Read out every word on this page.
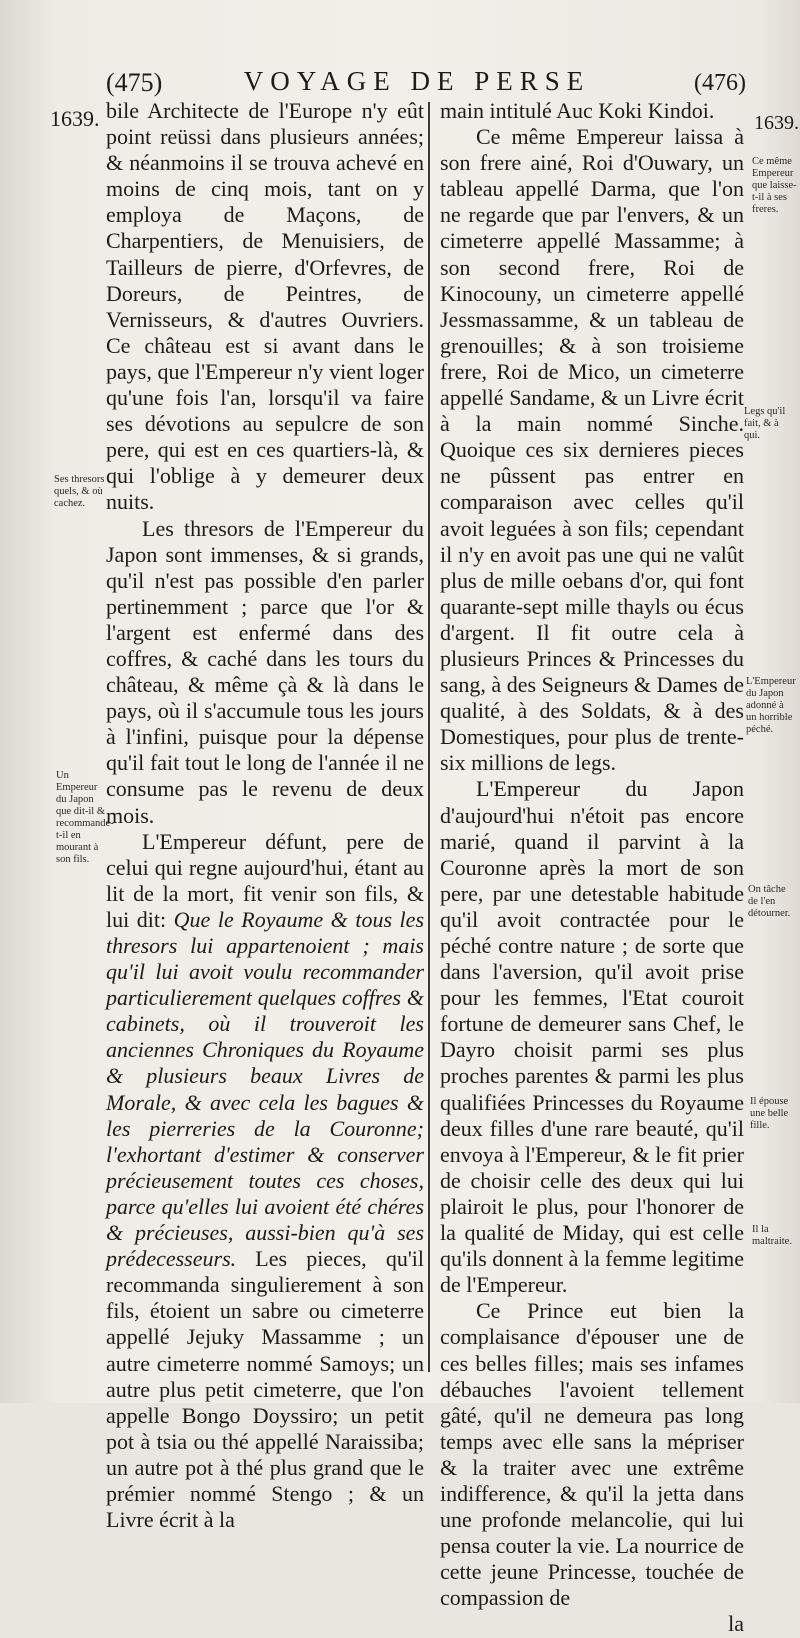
(475)	VOYAGE DE PERSE	(476)
1639.	1639.

bile Architecte de l'Europe n'y eût point reüssi dans plusieurs années; & néanmoins il se trouva achevé en moins de cinq mois, tant on y employa de Maçons, de Charpentiers, de Menuisiers, de Tailleurs de pierre, d'Orfevres, de Doreurs, de Peintres, de Vernisseurs, & d'autres Ouvriers. Ce château est si avant dans le pays, que l'Empereur n'y vient loger qu'une fois l'an, lorsqu'il va faire ses dévotions au sepulcre de son pere, qui est en ces quartiers-là, & qui l'oblige à y demeurer deux nuits.

Les thresors de l'Empereur du Japon sont immenses, & si grands, qu'il n'est pas possible d'en parler pertinemment ; parce que l'or & l'argent est enfermé dans des coffres, & caché dans les tours du château, & même çà & là dans le pays, où il s'accumule tous les jours à l'infini, puisque pour la dépense qu'il fait tout le long de l'année il ne consume pas le revenu de deux mois.

L'Empereur défunt, pere de celui qui regne aujourd'hui, étant au lit de la mort, fit venir son fils, & lui dit: Que le Royaume & tous les thresors lui appartenoient ; mais qu'il lui avoit voulu recommander particulierement quelques coffres & cabinets, où il trouveroit les anciennes Chroniques du Royaume & plusieurs beaux Livres de Morale, & avec cela les bagues & les pierreries de la Couronne; l'exhortant d'estimer & conserver précieusement toutes ces choses, parce qu'elles lui avoient été chéres & précieuses, aussi-bien qu'à ses prédecesseurs. Les pieces, qu'il recommanda singulierement à son fils, étoient un sabre ou cimeterre appellé Jejuky Massamme ; un autre cimeterre nommé Samoys; un autre plus petit cimeterre, que l'on appelle Bongo Doyssiro; un petit pot à tsia ou thé appellé Naraissiba; un autre pot à thé plus grand que le prémier nommé Stengo ; & un Livre écrit à la

main intitulé Auc Koki Kindoi.

Ce même Empereur laissa à son frere ainé, Roi d'Ouwary, un tableau appellé Darma, que l'on ne regarde que par l'envers, & un cimeterre appellé Massamme; à son second frere, Roi de Kinocouny, un cimeterre appellé Jessmassamme, & un tableau de grenouilles; & à son troisieme frere, Roi de Mico, un cimeterre appellé Sandame, & un Livre écrit à la main nommé Sinche. Quoique ces six dernieres pieces ne pûssent pas entrer en comparaison avec celles qu'il avoit leguées à son fils; cependant il n'y en avoit pas une qui ne valût plus de mille oebans d'or, qui font quarante-sept mille thayls ou écus d'argent. Il fit outre cela à plusieurs Princes & Princesses du sang, à des Seigneurs & Dames de qualité, à des Soldats, & à des Domestiques, pour plus de trente-six millions de legs.

L'Empereur du Japon d'aujourd'hui n'étoit pas encore marié, quand il parvint à la Couronne après la mort de son pere, par une detestable habitude qu'il avoit contractée pour le péché contre nature ; de sorte que dans l'aversion, qu'il avoit prise pour les femmes, l'Etat couroit fortune de demeurer sans Chef, le Dayro choisit parmi ses plus proches parentes & parmi les plus qualifiées Princesses du Royaume deux filles d'une rare beauté, qu'il envoya à l'Empereur, & le fit prier de choisir celle des deux qui lui plairoit le plus, pour l'honorer de la qualité de Miday, qui est celle qu'ils donnent à la femme legitime de l'Empereur.

Ce Prince eut bien la complaisance d'épouser une de ces belles filles; mais ses infames débauches l'avoient tellement gâté, qu'il ne demeura pas long temps avec elle sans la mépriser & la traiter avec une extrême indifference, & qu'il la jetta dans une profonde melancolie, qui lui pensa couter la vie. La nourrice de cette jeune Princesse, touchée de compassion de

la

Ses thresors quels, & où cachez.
Un Empereur du Japon que dit-il & recommande-t-il en mourant à son fils.
Ce même Empereur que laisse-t-il à ses freres.
Legs qu'il fait, & à qui.
L'Empereur du Japon adonné à un horrible péché.
On tâche de l'en détourner.
Il épouse une belle fille.
Il la maltraite.
